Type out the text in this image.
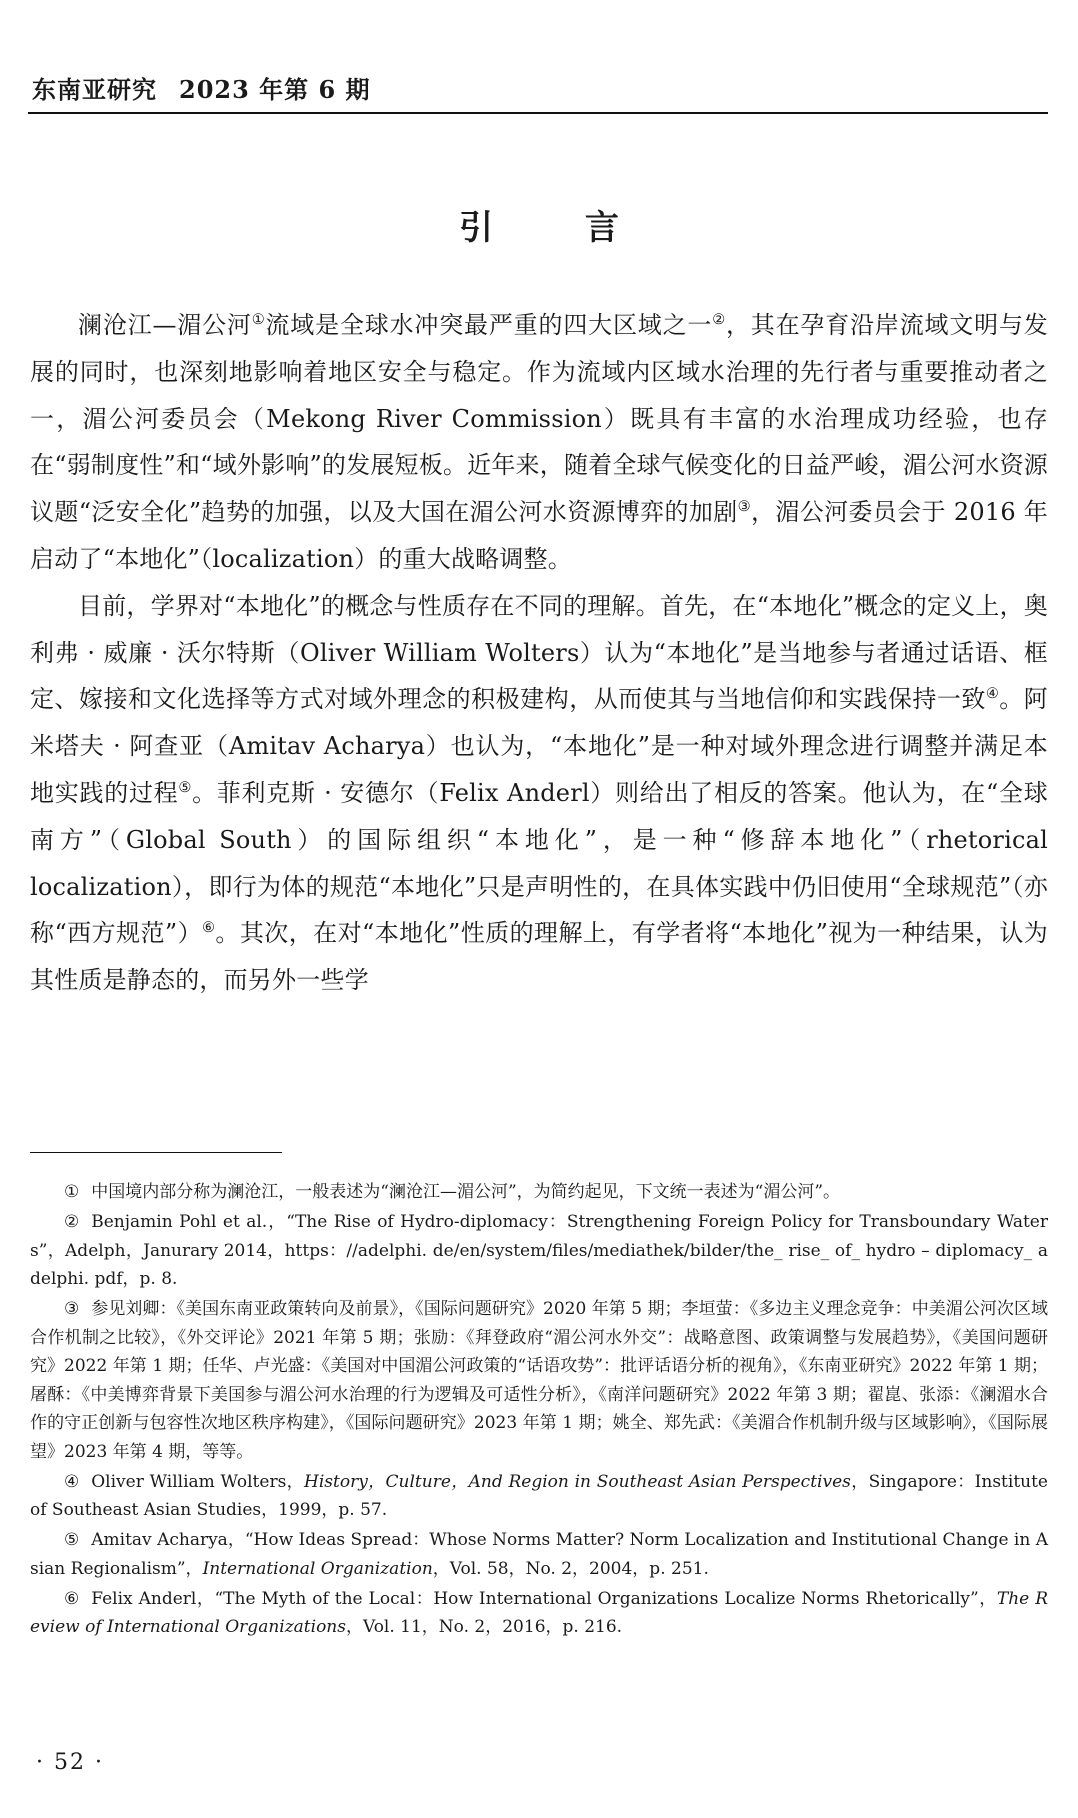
东南亚研究 2023 年第 6 期
引 言

澜沧江—湄公河①流域是全球水冲突最严重的四大区域之一②，其在孕育沿岸流域文明与发展的同时，也深刻地影响着地区安全与稳定。作为流域内区域水治理的先行者与重要推动者之一，湄公河委员会（Mekong River Commission）既具有丰富的水治理成功经验，也存在“弱制度性”和“域外影响”的发展短板。近年来，随着全球气候变化的日益严峻，湄公河水资源议题“泛安全化”趋势的加强，以及大国在湄公河水资源博弈的加剧③，湄公河委员会于 2016 年启动了“本地化”（localization）的重大战略调整。

目前，学界对“本地化”的概念与性质存在不同的理解。首先，在“本地化”概念的定义上，奥利弗 · 威廉 · 沃尔特斯（Oliver William Wolters）认为“本地化”是当地参与者通过话语、框定、嫁接和文化选择等方式对域外理念的积极建构，从而使其与当地信仰和实践保持一致④。阿米塔夫 · 阿查亚（Amitav Acharya）也认为，“本地化”是一种对域外理念进行调整并满足本地实践的过程⑤。菲利克斯 · 安德尔（Felix Anderl）则给出了相反的答案。他认为，在“全球南方”（Global South）的国际组织“本地化”，是一种“修辞本地化”（rhetorical localization），即行为体的规范“本地化”只是声明性的，在具体实践中仍旧使用“全球规范”（亦称“西方规范”）⑥。其次，在对“本地化”性质的理解上，有学者将“本地化”视为一种结果，认为其性质是静态的，而另外一些学

① 中国境内部分称为澜沧江，一般表述为“澜沧江—湄公河”，为简约起见，下文统一表述为“湄公河”。

② Benjamin Pohl et al.，“The Rise of Hydro-diplomacy：Strengthening Foreign Policy for Transboundary Waters”，Adelph，Janurary 2014，https：//adelphi. de/en/system/files/mediathek/bilder/the_ rise_ of_ hydro – diplomacy_ adelphi. pdf，p. 8.

③ 参见刘卿：《美国东南亚政策转向及前景》，《国际问题研究》2020 年第 5 期；李垣萤：《多边主义理念竞争：中美湄公河次区域合作机制之比较》，《外交评论》2021 年第 5 期；张励：《拜登政府“湄公河水外交”：战略意图、政策调整与发展趋势》，《美国问题研究》2022 年第 1 期；任华、卢光盛：《美国对中国湄公河政策的“话语攻势”：批评话语分析的视角》，《东南亚研究》2022 年第 1 期；屠酥：《中美博弈背景下美国参与湄公河水治理的行为逻辑及可适性分析》，《南洋问题研究》2022 年第 3 期；翟崑、张添：《澜湄水合作的守正创新与包容性次地区秩序构建》，《国际问题研究》2023 年第 1 期；姚全、郑先武：《美湄合作机制升级与区域影响》，《国际展望》2023 年第 4 期，等等。

④ Oliver William Wolters，History，Culture，And Region in Southeast Asian Perspectives，Singapore：Institute of Southeast Asian Studies，1999，p. 57.

⑤ Amitav Acharya，“How Ideas Spread：Whose Norms Matter? Norm Localization and Institutional Change in Asian Regionalism”，International Organization，Vol. 58，No. 2，2004，p. 251.

⑥ Felix Anderl，“The Myth of the Local：How International Organizations Localize Norms Rhetorically”，The Review of International Organizations，Vol. 11，No. 2，2016，p. 216.

· 52 ·
